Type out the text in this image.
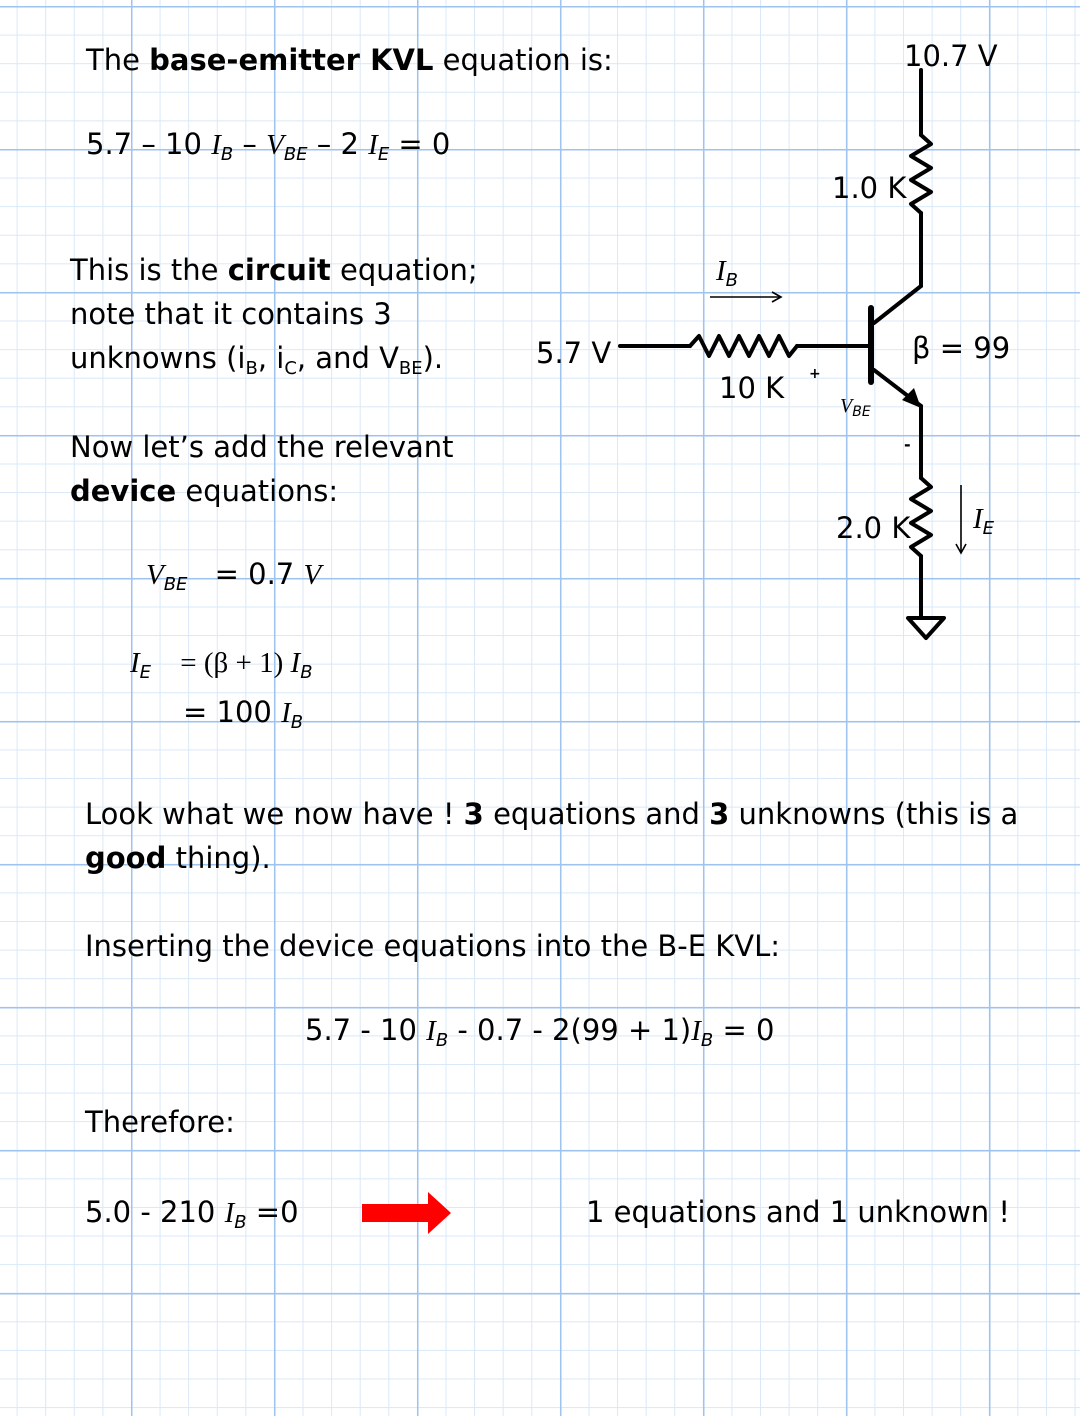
The base-emitter KVL equation is:
5.7 – 10 $I_B - V_{BE} - 2$ $I_E = 0$
This is the circuit equation;
note that it contains 3
unknowns ($i_B$, $i_C$, and $V_{BE}$).
Now let’s add the relevant
device equations:
$V_{BE} = 0.7$ V
$I_E = (\beta + 1)$ $I_B$
= 100 $I_B$
10.7 V
1.0 K
$I_B$
5.7 V
10 K +
$V_{BE}$
-
β = 99
2.0 K $I_E$
Look what we now have ! 3 equations and 3 unknowns (this is a
good thing).
Inserting the device equations into the B-E KVL:
5.7 - 10 $I_B - 0.7 - 2(99 + 1)I_B = 0$
Therefore:
5.0 - 210 $I_B =0$	1 equations and 1 unknown !
